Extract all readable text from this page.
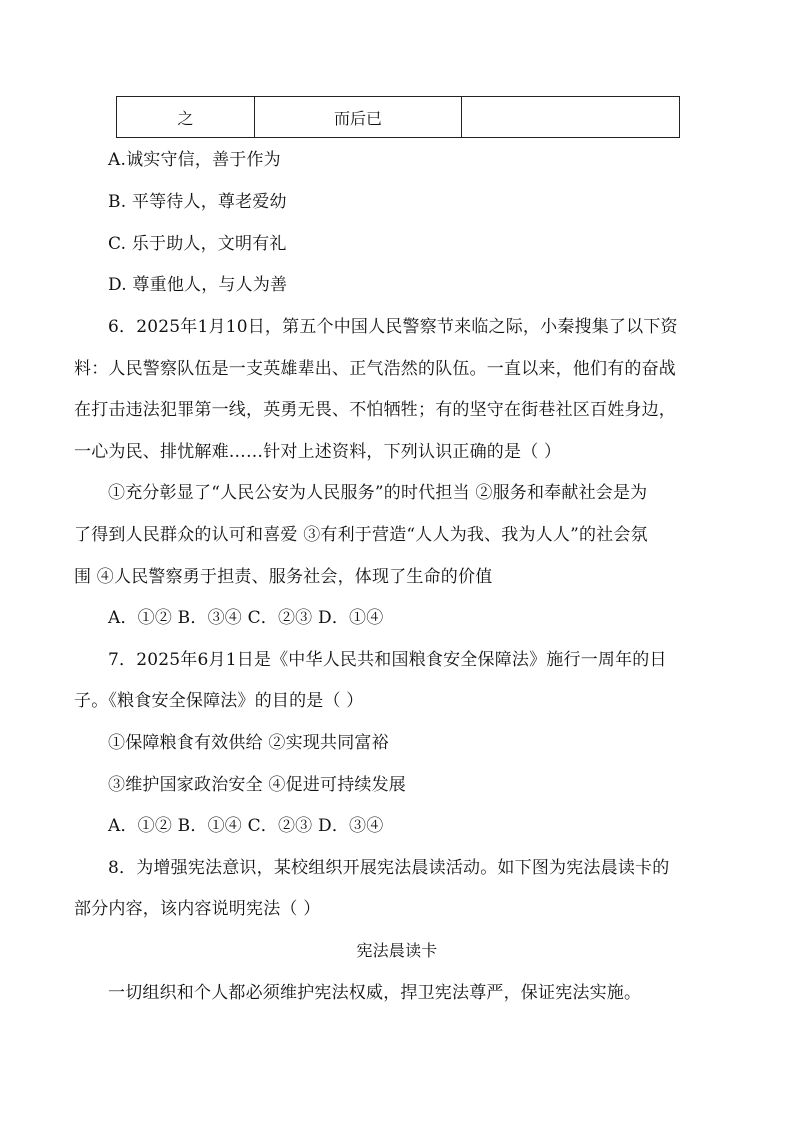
之	而后已	
A.诚实守信，善于作为
B. 平等待人，尊老爱幼
C. 乐于助人，文明有礼
D. 尊重他人，与人为善
6．2025年1月10日，第五个中国人民警察节来临之际，小秦搜集了以下资
料：人民警察队伍是一支英雄辈出、正气浩然的队伍。一直以来，他们有的奋战
在打击违法犯罪第一线，英勇无畏、不怕牺牲；有的坚守在街巷社区百姓身边，
一心为民、排忧解难……针对上述资料，下列认识正确的是（ ）
①充分彰显了“人民公安为人民服务”的时代担当 ②服务和奉献社会是为
了得到人民群众的认可和喜爱 ③有利于营造“人人为我、我为人人”的社会氛
围 ④人民警察勇于担责、服务社会，体现了生命的价值
A．①② B．③④ C．②③ D．①④
7．2025年6月1日是《中华人民共和国粮食安全保障法》施行一周年的日
子。《粮食安全保障法》的目的是（ ）
①保障粮食有效供给 ②实现共同富裕
③维护国家政治安全 ④促进可持续发展
A．①② B．①④ C．②③ D．③④
8．为增强宪法意识，某校组织开展宪法晨读活动。如下图为宪法晨读卡的
部分内容，该内容说明宪法（ ）
宪法晨读卡
一切组织和个人都必须维护宪法权威，捍卫宪法尊严，保证宪法实施。
